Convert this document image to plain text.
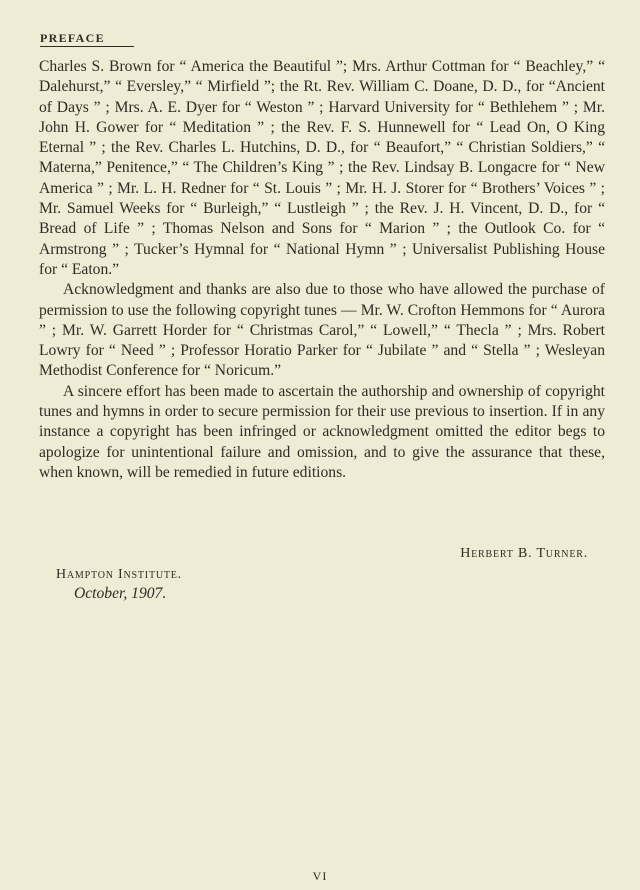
PREFACE

Charles S. Brown for “ America the Beautiful ”; Mrs. Arthur Cottman for “ Beachley,” “ Dalehurst,” “ Eversley,” “ Mirfield ”; the Rt. Rev. William C. Doane, D. D., for “Ancient of Days ” ; Mrs. A. E. Dyer for “ Weston ” ; Harvard University for “ Bethlehem ” ; Mr. John H. Gower for “ Meditation ” ; the Rev. F. S. Hunnewell for “ Lead On, O King Eternal ” ; the Rev. Charles L. Hutchins, D. D., for “ Beaufort,” “ Christian Soldiers,” “ Materna,” Penitence,” “ The Children’s King ” ; the Rev. Lindsay B. Longacre for “ New America ” ; Mr. L. H. Redner for “ St. Louis ” ; Mr. H. J. Storer for “ Brothers’ Voices ” ; Mr. Samuel Weeks for “ Burleigh,” “ Lustleigh ” ; the Rev. J. H. Vincent, D. D., for “ Bread of Life ” ; Thomas Nelson and Sons for “ Marion ” ; the Outlook Co. for “ Armstrong ” ; Tucker’s Hymnal for “ National Hymn ” ; Universalist Publishing House for “ Eaton.”

Acknowledgment and thanks are also due to those who have allowed the purchase of permission to use the following copyright tunes — Mr. W. Crofton Hemmons for “ Aurora ” ; Mr. W. Garrett Horder for “ Christmas Carol,” “ Lowell,” “ Thecla ” ; Mrs. Robert Lowry for “ Need ” ; Professor Horatio Parker for “ Jubilate ” and “ Stella ” ; Wesleyan Methodist Conference for “ Noricum.”

A sincere effort has been made to ascertain the authorship and ownership of copyright tunes and hymns in order to secure permission for their use previous to insertion. If in any instance a copyright has been infringed or acknowledgment omitted the editor begs to apologize for unintentional failure and omission, and to give the assurance that these, when known, will be remedied in future editions.

Herbert B. Turner.
Hampton Institute.
October, 1907.
VI
